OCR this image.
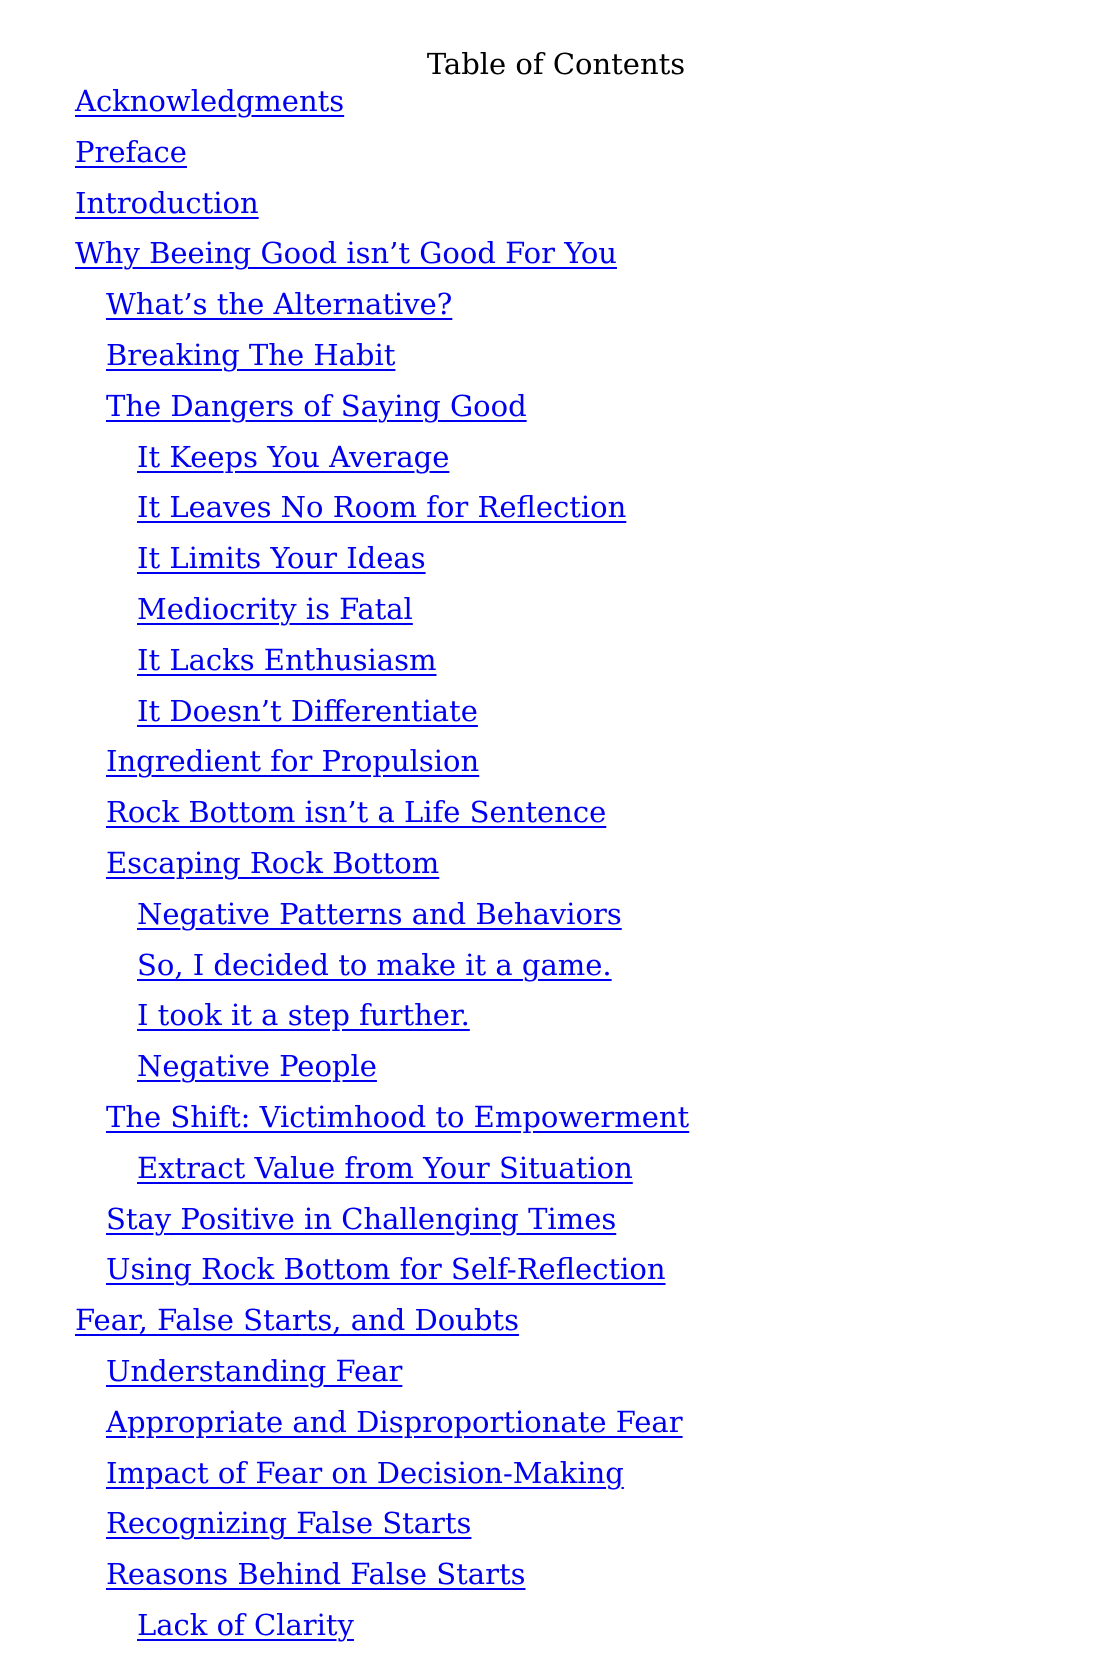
Table of Contents
Acknowledgments
Preface
Introduction
Why Beeing Good isn’t Good For You
What’s the Alternative?
Breaking The Habit
The Dangers of Saying Good
It Keeps You Average
It Leaves No Room for Reflection
It Limits Your Ideas
Mediocrity is Fatal
It Lacks Enthusiasm
It Doesn’t Differentiate
Ingredient for Propulsion
Rock Bottom isn’t a Life Sentence
Escaping Rock Bottom
Negative Patterns and Behaviors
So, I decided to make it a game.
I took it a step further.
Negative People
The Shift: Victimhood to Empowerment
Extract Value from Your Situation
Stay Positive in Challenging Times
Using Rock Bottom for Self-Reflection
Fear, False Starts, and Doubts
Understanding Fear
Appropriate and Disproportionate Fear
Impact of Fear on Decision-Making
Recognizing False Starts
Reasons Behind False Starts
Lack of Clarity
